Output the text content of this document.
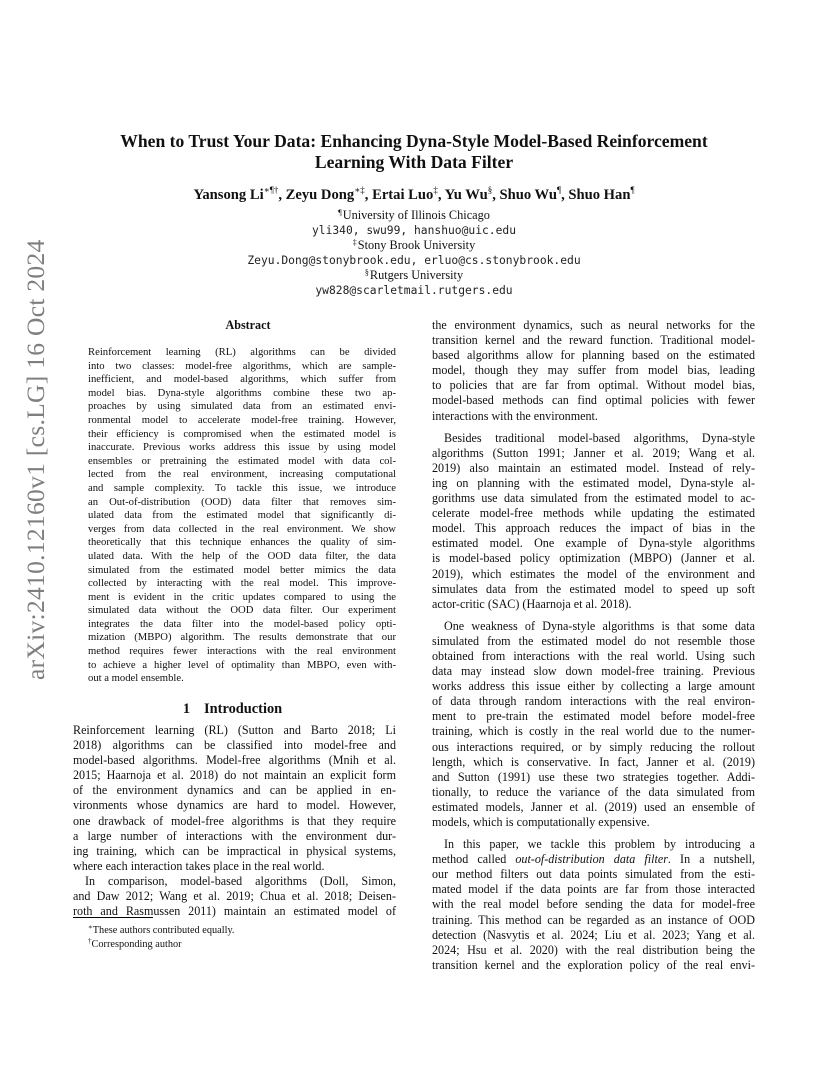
arXiv:2410.12160v1 [cs.LG] 16 Oct 2024
When to Trust Your Data: Enhancing Dyna-Style Model-Based Reinforcement
Learning With Data Filter
Yansong Li∗¶†, Zeyu Dong∗‡, Ertai Luo‡, Yu Wu§, Shuo Wu¶, Shuo Han¶
¶University of Illinois Chicago
yli340, swu99, hanshuo@uic.edu
‡Stony Brook University
Zeyu.Dong@stonybrook.edu, erluo@cs.stonybrook.edu
§Rutgers University
yw828@scarletmail.rutgers.edu
Abstract
Reinforcement learning (RL) algorithms can be divided
into two classes: model-free algorithms, which are sample-
inefficient, and model-based algorithms, which suffer from
model bias. Dyna-style algorithms combine these two ap-
proaches by using simulated data from an estimated envi-
ronmental model to accelerate model-free training. However,
their efficiency is compromised when the estimated model is
inaccurate. Previous works address this issue by using model
ensembles or pretraining the estimated model with data col-
lected from the real environment, increasing computational
and sample complexity. To tackle this issue, we introduce
an Out-of-distribution (OOD) data filter that removes sim-
ulated data from the estimated model that significantly di-
verges from data collected in the real environment. We show
theoretically that this technique enhances the quality of sim-
ulated data. With the help of the OOD data filter, the data
simulated from the estimated model better mimics the data
collected by interacting with the real model. This improve-
ment is evident in the critic updates compared to using the
simulated data without the OOD data filter. Our experiment
integrates the data filter into the model-based policy opti-
mization (MBPO) algorithm. The results demonstrate that our
method requires fewer interactions with the real environment
to achieve a higher level of optimality than MBPO, even with-
out a model ensemble.
1 Introduction
Reinforcement learning (RL) (Sutton and Barto 2018; Li
2018) algorithms can be classified into model-free and
model-based algorithms. Model-free algorithms (Mnih et al.
2015; Haarnoja et al. 2018) do not maintain an explicit form
of the environment dynamics and can be applied in en-
vironments whose dynamics are hard to model. However,
one drawback of model-free algorithms is that they require
a large number of interactions with the environment dur-
ing training, which can be impractical in physical systems,
where each interaction takes place in the real world.
In comparison, model-based algorithms (Doll, Simon,
and Daw 2012; Wang et al. 2019; Chua et al. 2018; Deisen-
roth and Rasmussen 2011) maintain an estimated model of
∗These authors contributed equally.
†Corresponding author
the environment dynamics, such as neural networks for the
transition kernel and the reward function. Traditional model-
based algorithms allow for planning based on the estimated
model, though they may suffer from model bias, leading
to policies that are far from optimal. Without model bias,
model-based methods can find optimal policies with fewer
interactions with the environment.
Besides traditional model-based algorithms, Dyna-style
algorithms (Sutton 1991; Janner et al. 2019; Wang et al.
2019) also maintain an estimated model. Instead of rely-
ing on planning with the estimated model, Dyna-style al-
gorithms use data simulated from the estimated model to ac-
celerate model-free methods while updating the estimated
model. This approach reduces the impact of bias in the
estimated model. One example of Dyna-style algorithms
is model-based policy optimization (MBPO) (Janner et al.
2019), which estimates the model of the environment and
simulates data from the estimated model to speed up soft
actor-critic (SAC) (Haarnoja et al. 2018).
One weakness of Dyna-style algorithms is that some data
simulated from the estimated model do not resemble those
obtained from interactions with the real world. Using such
data may instead slow down model-free training. Previous
works address this issue either by collecting a large amount
of data through random interactions with the real environ-
ment to pre-train the estimated model before model-free
training, which is costly in the real world due to the numer-
ous interactions required, or by simply reducing the rollout
length, which is conservative. In fact, Janner et al. (2019)
and Sutton (1991) use these two strategies together. Addi-
tionally, to reduce the variance of the data simulated from
estimated models, Janner et al. (2019) used an ensemble of
models, which is computationally expensive.
In this paper, we tackle this problem by introducing a
method called out-of-distribution data filter. In a nutshell,
our method filters out data points simulated from the esti-
mated model if the data points are far from those interacted
with the real model before sending the data for model-free
training. This method can be regarded as an instance of OOD
detection (Nasvytis et al. 2024; Liu et al. 2023; Yang et al.
2024; Hsu et al. 2020) with the real distribution being the
transition kernel and the exploration policy of the real envi-
